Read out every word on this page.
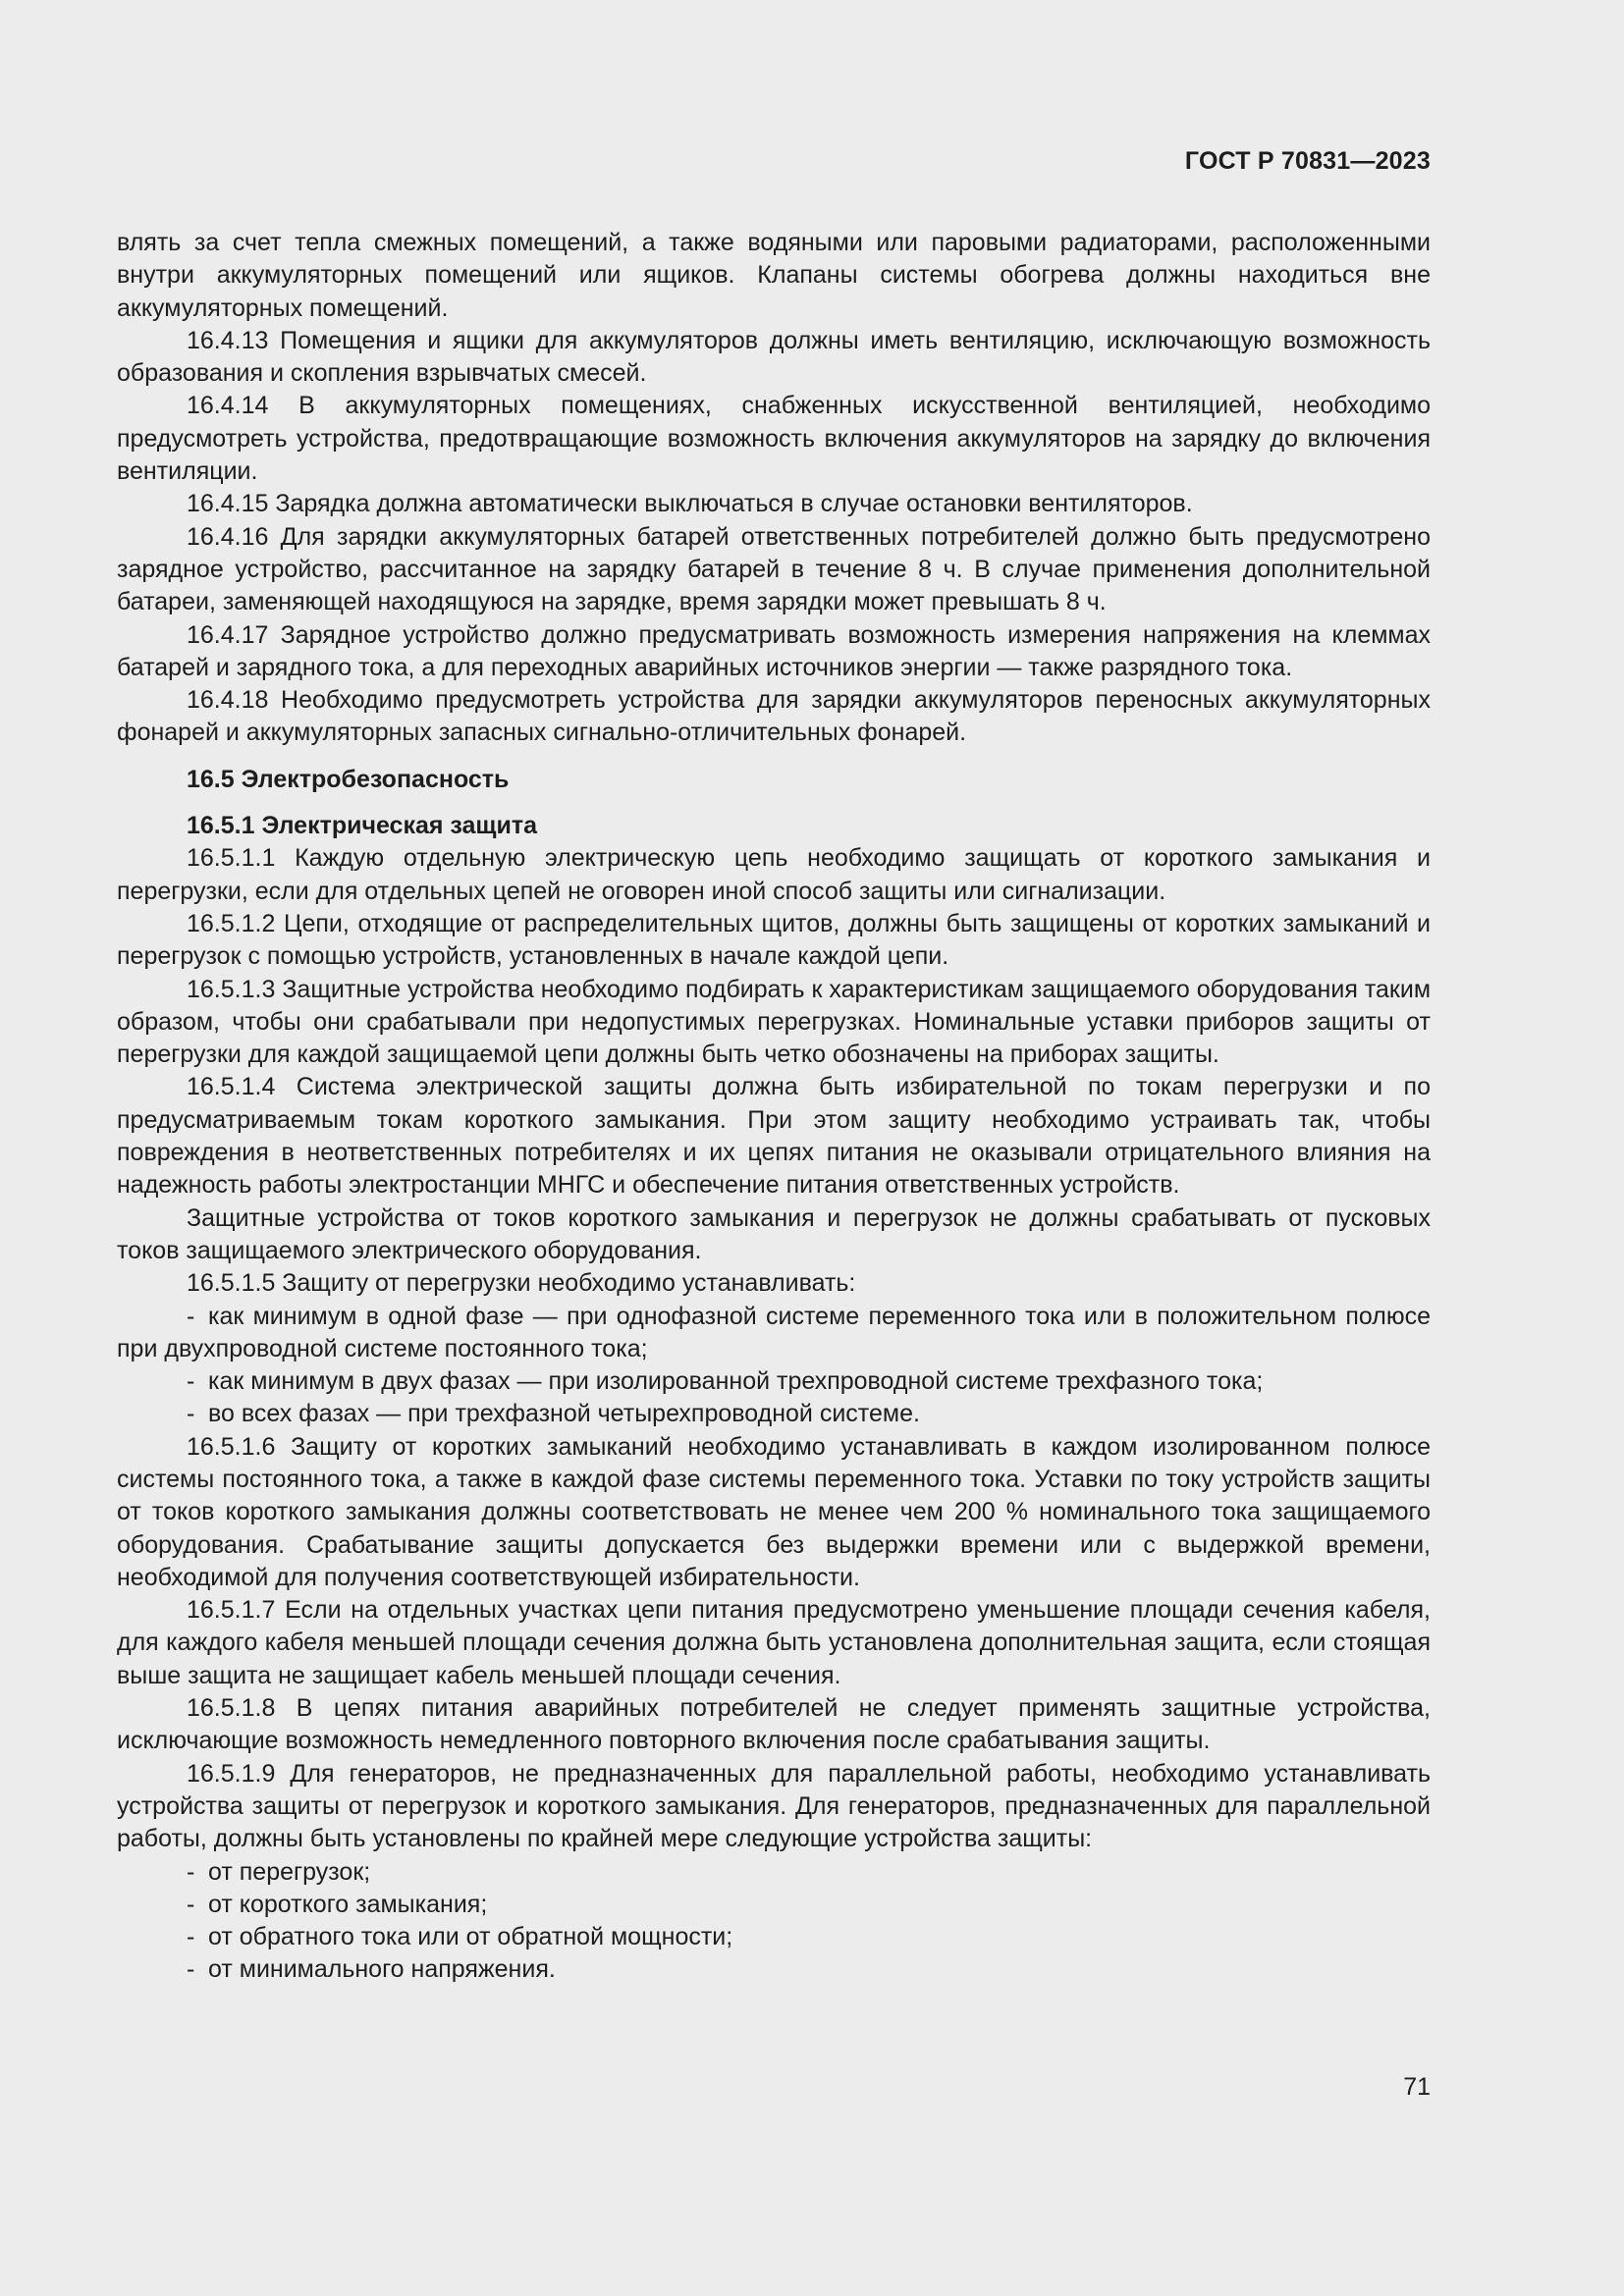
ГОСТ Р 70831—2023

влять за счет тепла смежных помещений, а также водяными или паровыми радиаторами, расположенными внутри аккумуляторных помещений или ящиков. Клапаны системы обогрева должны находиться вне аккумуляторных помещений.

16.4.13 Помещения и ящики для аккумуляторов должны иметь вентиляцию, исключающую возможность образования и скопления взрывчатых смесей.

16.4.14 В аккумуляторных помещениях, снабженных искусственной вентиляцией, необходимо предусмотреть устройства, предотвращающие возможность включения аккумуляторов на зарядку до включения вентиляции.

16.4.15 Зарядка должна автоматически выключаться в случае остановки вентиляторов.

16.4.16 Для зарядки аккумуляторных батарей ответственных потребителей должно быть предусмотрено зарядное устройство, рассчитанное на зарядку батарей в течение 8 ч. В случае применения дополнительной батареи, заменяющей находящуюся на зарядке, время зарядки может превышать 8 ч.

16.4.17 Зарядное устройство должно предусматривать возможность измерения напряжения на клеммах батарей и зарядного тока, а для переходных аварийных источников энергии — также разрядного тока.

16.4.18 Необходимо предусмотреть устройства для зарядки аккумуляторов переносных аккумуляторных фонарей и аккумуляторных запасных сигнально-отличительных фонарей.

16.5 Электробезопасность

16.5.1 Электрическая защита

16.5.1.1 Каждую отдельную электрическую цепь необходимо защищать от короткого замыкания и перегрузки, если для отдельных цепей не оговорен иной способ защиты или сигнализации.

16.5.1.2 Цепи, отходящие от распределительных щитов, должны быть защищены от коротких замыканий и перегрузок с помощью устройств, установленных в начале каждой цепи.

16.5.1.3 Защитные устройства необходимо подбирать к характеристикам защищаемого оборудования таким образом, чтобы они срабатывали при недопустимых перегрузках. Номинальные уставки приборов защиты от перегрузки для каждой защищаемой цепи должны быть четко обозначены на приборах защиты.

16.5.1.4 Система электрической защиты должна быть избирательной по токам перегрузки и по предусматриваемым токам короткого замыкания. При этом защиту необходимо устраивать так, чтобы повреждения в неответственных потребителях и их цепях питания не оказывали отрицательного влияния на надежность работы электростанции МНГС и обеспечение питания ответственных устройств.

Защитные устройства от токов короткого замыкания и перегрузок не должны срабатывать от пусковых токов защищаемого электрического оборудования.

16.5.1.5 Защиту от перегрузки необходимо устанавливать:

- как минимум в одной фазе — при однофазной системе переменного тока или в положительном полюсе при двухпроводной системе постоянного тока;

- как минимум в двух фазах — при изолированной трехпроводной системе трехфазного тока;

- во всех фазах — при трехфазной четырехпроводной системе.

16.5.1.6 Защиту от коротких замыканий необходимо устанавливать в каждом изолированном полюсе системы постоянного тока, а также в каждой фазе системы переменного тока. Уставки по току устройств защиты от токов короткого замыкания должны соответствовать не менее чем 200 % номинального тока защищаемого оборудования. Срабатывание защиты допускается без выдержки времени или с выдержкой времени, необходимой для получения соответствующей избирательности.

16.5.1.7 Если на отдельных участках цепи питания предусмотрено уменьшение площади сечения кабеля, для каждого кабеля меньшей площади сечения должна быть установлена дополнительная защита, если стоящая выше защита не защищает кабель меньшей площади сечения.

16.5.1.8 В цепях питания аварийных потребителей не следует применять защитные устройства, исключающие возможность немедленного повторного включения после срабатывания защиты.

16.5.1.9 Для генераторов, не предназначенных для параллельной работы, необходимо устанавливать устройства защиты от перегрузок и короткого замыкания. Для генераторов, предназначенных для параллельной работы, должны быть установлены по крайней мере следующие устройства защиты:

- от перегрузок;

- от короткого замыкания;

- от обратного тока или от обратной мощности;

- от минимального напряжения.

71
